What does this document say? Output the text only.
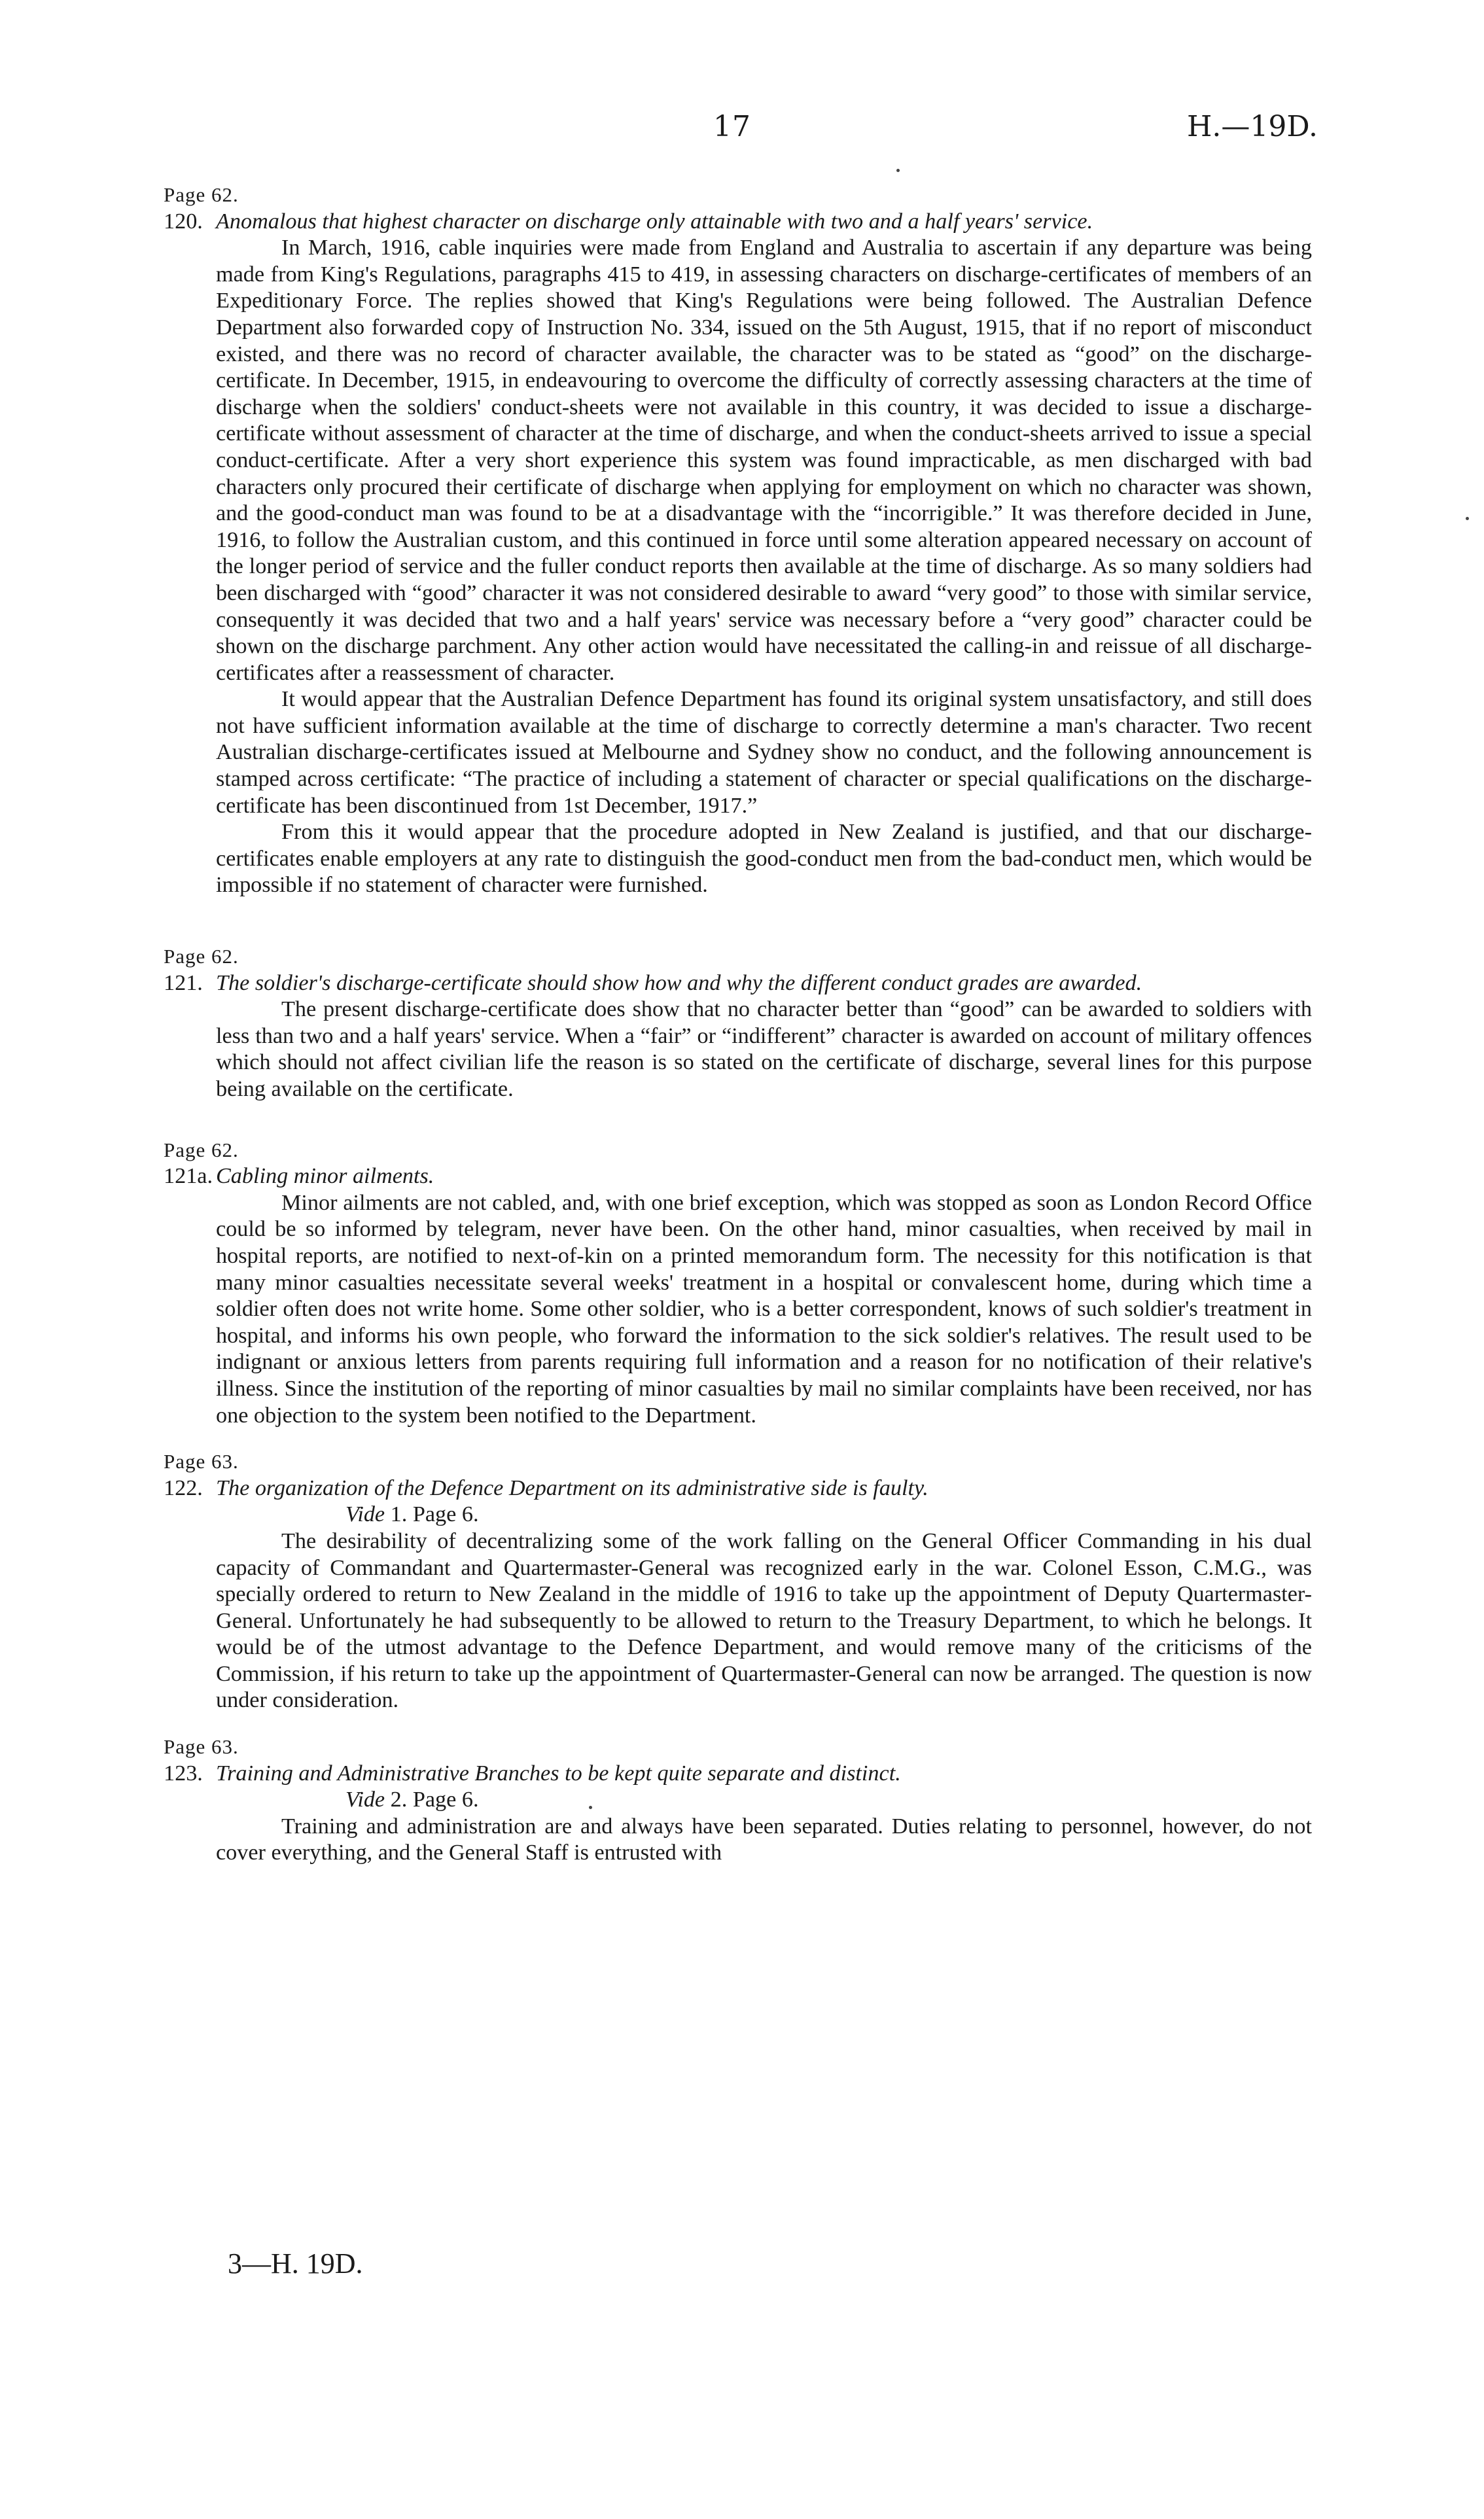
17	H.—19D.

Page 62.

120. Anomalous that highest character on discharge only attainable with two and a half years' service.

In March, 1916, cable inquiries were made from England and Australia to ascertain if any departure was being made from King's Regulations, paragraphs 415 to 419, in assessing characters on discharge-certificates of members of an Expeditionary Force. The replies showed that King's Regulations were being followed. The Australian Defence Department also forwarded copy of Instruction No. 334, issued on the 5th August, 1915, that if no report of misconduct existed, and there was no record of character available, the character was to be stated as “good” on the discharge-certificate. In December, 1915, in endeavouring to overcome the difficulty of correctly assessing characters at the time of discharge when the soldiers' conduct-sheets were not available in this country, it was decided to issue a discharge-certificate without assessment of character at the time of discharge, and when the conduct-sheets arrived to issue a special conduct-certificate. After a very short experience this system was found impracticable, as men discharged with bad characters only procured their certificate of discharge when applying for employment on which no character was shown, and the good-conduct man was found to be at a disadvantage with the “incorrigible.” It was therefore decided in June, 1916, to follow the Australian custom, and this continued in force until some alteration appeared necessary on account of the longer period of service and the fuller conduct reports then available at the time of discharge. As so many soldiers had been discharged with “good” character it was not considered desirable to award “very good” to those with similar service, consequently it was decided that two and a half years' service was necessary before a “very good” character could be shown on the discharge parchment. Any other action would have necessitated the calling-in and reissue of all discharge-certificates after a reassessment of character.

It would appear that the Australian Defence Department has found its original system unsatisfactory, and still does not have sufficient information available at the time of discharge to correctly determine a man's character. Two recent Australian discharge-certificates issued at Melbourne and Sydney show no conduct, and the following announcement is stamped across certificate: “The practice of including a statement of character or special qualifications on the discharge-certificate has been discontinued from 1st December, 1917.”

From this it would appear that the procedure adopted in New Zealand is justified, and that our discharge-certificates enable employers at any rate to distinguish the good-conduct men from the bad-conduct men, which would be impossible if no statement of character were furnished.

Page 62.

121. The soldier's discharge-certificate should show how and why the different conduct grades are awarded.

The present discharge-certificate does show that no character better than “good” can be awarded to soldiers with less than two and a half years' service. When a “fair” or “indifferent” character is awarded on account of military offences which should not affect civilian life the reason is so stated on the certificate of discharge, several lines for this purpose being available on the certificate.

Page 62.

121a. Cabling minor ailments.

Minor ailments are not cabled, and, with one brief exception, which was stopped as soon as London Record Office could be so informed by telegram, never have been. On the other hand, minor casualties, when received by mail in hospital reports, are notified to next-of-kin on a printed memorandum form. The necessity for this notification is that many minor casualties necessitate several weeks' treatment in a hospital or convalescent home, during which time a soldier often does not write home. Some other soldier, who is a better correspondent, knows of such soldier's treatment in hospital, and informs his own people, who forward the information to the sick soldier's relatives. The result used to be indignant or anxious letters from parents requiring full information and a reason for no notification of their relative's illness. Since the institution of the reporting of minor casualties by mail no similar complaints have been received, nor has one objection to the system been notified to the Department.

Page 63.

122. The organization of the Defence Department on its administrative side is faulty.

Vide 1. Page 6.

The desirability of decentralizing some of the work falling on the General Officer Commanding in his dual capacity of Commandant and Quartermaster-General was recognized early in the war. Colonel Esson, C.M.G., was specially ordered to return to New Zealand in the middle of 1916 to take up the appointment of Deputy Quartermaster-General. Unfortunately he had subsequently to be allowed to return to the Treasury Department, to which he belongs. It would be of the utmost advantage to the Defence Department, and would remove many of the criticisms of the Commission, if his return to take up the appointment of Quartermaster-General can now be arranged. The question is now under consideration.

Page 63.

123. Training and Administrative Branches to be kept quite separate and distinct.

Vide 2. Page 6.

Training and administration are and always have been separated. Duties relating to personnel, however, do not cover everything, and the General Staff is entrusted with

3—H. 19D.
